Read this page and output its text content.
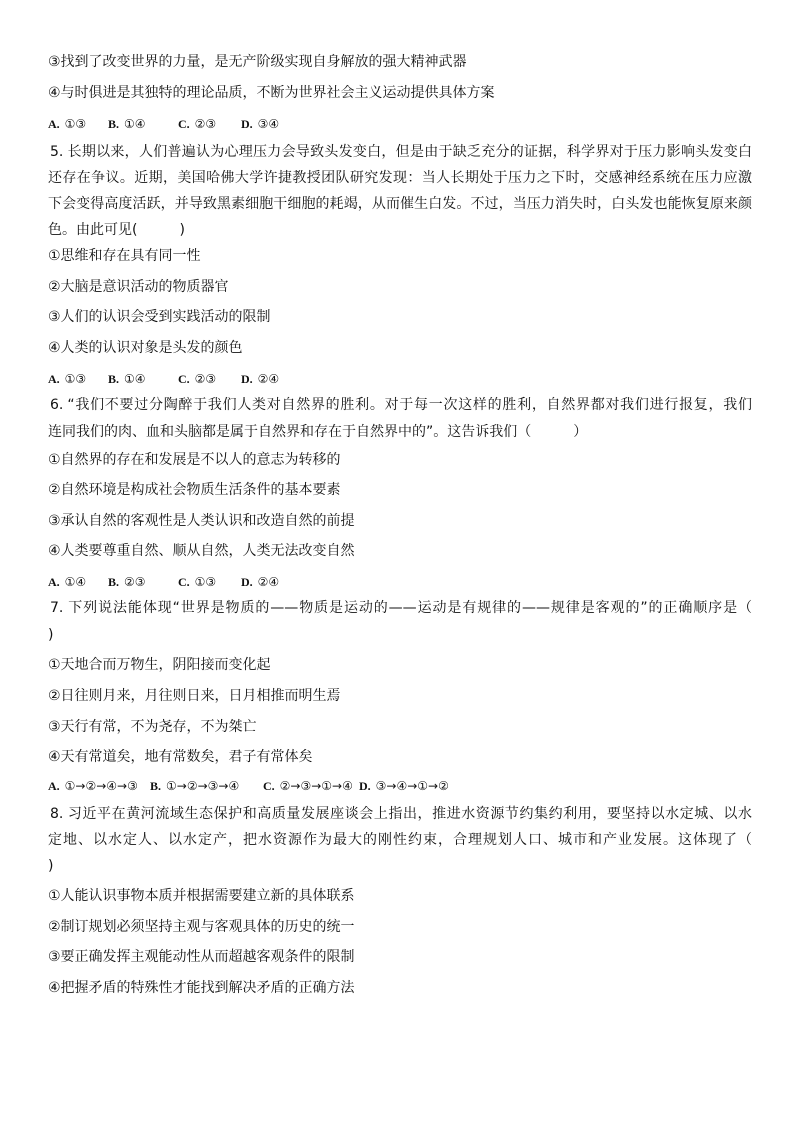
③找到了改变世界的力量，是无产阶级实现自身解放的强大精神武器
④与时俱进是其独特的理论品质，不断为世界社会主义运动提供具体方案
A. ①③ B. ①④	C. ②③ D. ③④
5. 长期以来，人们普遍认为心理压力会导致头发变白，但是由于缺乏充分的证据，科学界对于压力影响头发变白
还存在争议。近期，美国哈佛大学许捷教授团队研究发现：当人长期处于压力之下时，交感神经系统在压力应激
下会变得高度活跃，并导致黑素细胞干细胞的耗竭，从而催生白发。不过，当压力消失时，白头发也能恢复原来颜
色。由此可见(　　　)
①思维和存在具有同一性
②大脑是意识活动的物质器官
③人们的认识会受到实践活动的限制
④人类的认识对象是头发的颜色
A. ①③ B. ①④	C. ②③ D. ②④
6. “我们不要过分陶醉于我们人类对自然界的胜利。对于每一次这样的胜利，自然界都对我们进行报复，我们
连同我们的肉、血和头脑都是属于自然界和存在于自然界中的”。这告诉我们（　　　）
①自然界的存在和发展是不以人的意志为转移的
②自然环境是构成社会物质生活条件的基本要素
③承认自然的客观性是人类认识和改造自然的前提
④人类要尊重自然、顺从自然，人类无法改变自然
A. ①④ B. ②③	C. ①③ D. ②④
7. 下列说法能体现“世界是物质的——物质是运动的——运动是有规律的——规律是客观的”的正确顺序是（
)
①天地合而万物生，阴阳接而变化起
②日往则月来，月往则日来，日月相推而明生焉
③天行有常，不为尧存，不为桀亡
④天有常道矣，地有常数矣，君子有常体矣
A. ①→②→④→③ B. ①→②→③→④ C. ②→③→①→④ D. ③→④→①→②
8. 习近平在黄河流域生态保护和高质量发展座谈会上指出，推进水资源节约集约利用，要坚持以水定城、以水
定地、以水定人、以水定产，把水资源作为最大的刚性约束，合理规划人口、城市和产业发展。这体现了（
)
①人能认识事物本质并根据需要建立新的具体联系
②制订规划必须坚持主观与客观具体的历史的统一
③要正确发挥主观能动性从而超越客观条件的限制
④把握矛盾的特殊性才能找到解决矛盾的正确方法
